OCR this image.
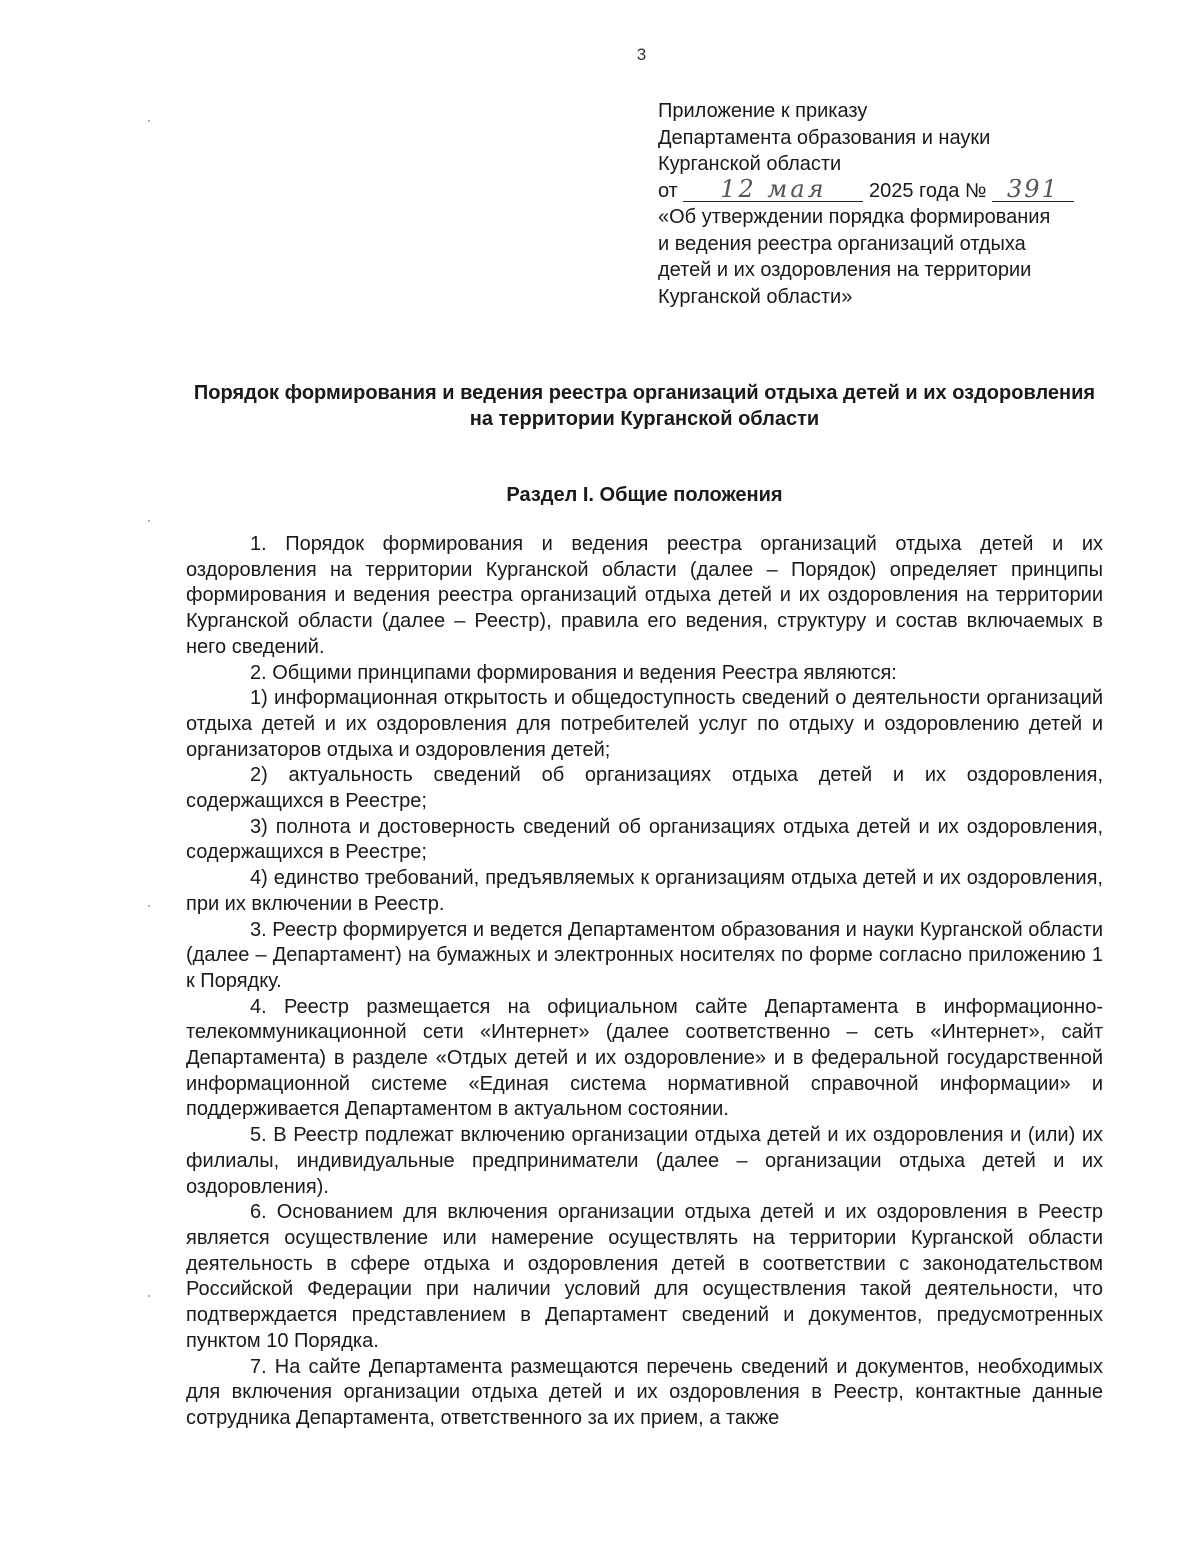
3
Приложение к приказу
Департамента образования и науки
Курганской области
от 12 мая 2025 года № 391
«Об утверждении порядка формирования
и ведения реестра организаций отдыха
детей и их оздоровления на территории
Курганской области»
Порядок формирования и ведения реестра организаций отдыха детей и их оздоровления на территории Курганской области
Раздел I. Общие положения

1. Порядок формирования и ведения реестра организаций отдыха детей и их оздоровления на территории Курганской области (далее – Порядок) определяет принципы формирования и ведения реестра организаций отдыха детей и их оздоровления на территории Курганской области (далее – Реестр), правила его ведения, структуру и состав включаемых в него сведений.

2. Общими принципами формирования и ведения Реестра являются:

1) информационная открытость и общедоступность сведений о деятельности организаций отдыха детей и их оздоровления для потребителей услуг по отдыху и оздоровлению детей и организаторов отдыха и оздоровления детей;

2) актуальность сведений об организациях отдыха детей и их оздоровления, содержащихся в Реестре;

3) полнота и достоверность сведений об организациях отдыха детей и их оздоровления, содержащихся в Реестре;

4) единство требований, предъявляемых к организациям отдыха детей и их оздоровления, при их включении в Реестр.

3. Реестр формируется и ведется Департаментом образования и науки Курганской области (далее – Департамент) на бумажных и электронных носителях по форме согласно приложению 1 к Порядку.

4. Реестр размещается на официальном сайте Департамента в информационно-телекоммуникационной сети «Интернет» (далее соответственно – сеть «Интернет», сайт Департамента) в разделе «Отдых детей и их оздоровление» и в федеральной государственной информационной системе «Единая система нормативной справочной информации» и поддерживается Департаментом в актуальном состоянии.

5. В Реестр подлежат включению организации отдыха детей и их оздоровления и (или) их филиалы, индивидуальные предприниматели (далее – организации отдыха детей и их оздоровления).

6. Основанием для включения организации отдыха детей и их оздоровления в Реестр является осуществление или намерение осуществлять на территории Курганской области деятельность в сфере отдыха и оздоровления детей в соответствии с законодательством Российской Федерации при наличии условий для осуществления такой деятельности, что подтверждается представлением в Департамент сведений и документов, предусмотренных пунктом 10 Порядка.

7. На сайте Департамента размещаются перечень сведений и документов, необходимых для включения организации отдыха детей и их оздоровления в Реестр, контактные данные сотрудника Департамента, ответственного за их прием, а также
